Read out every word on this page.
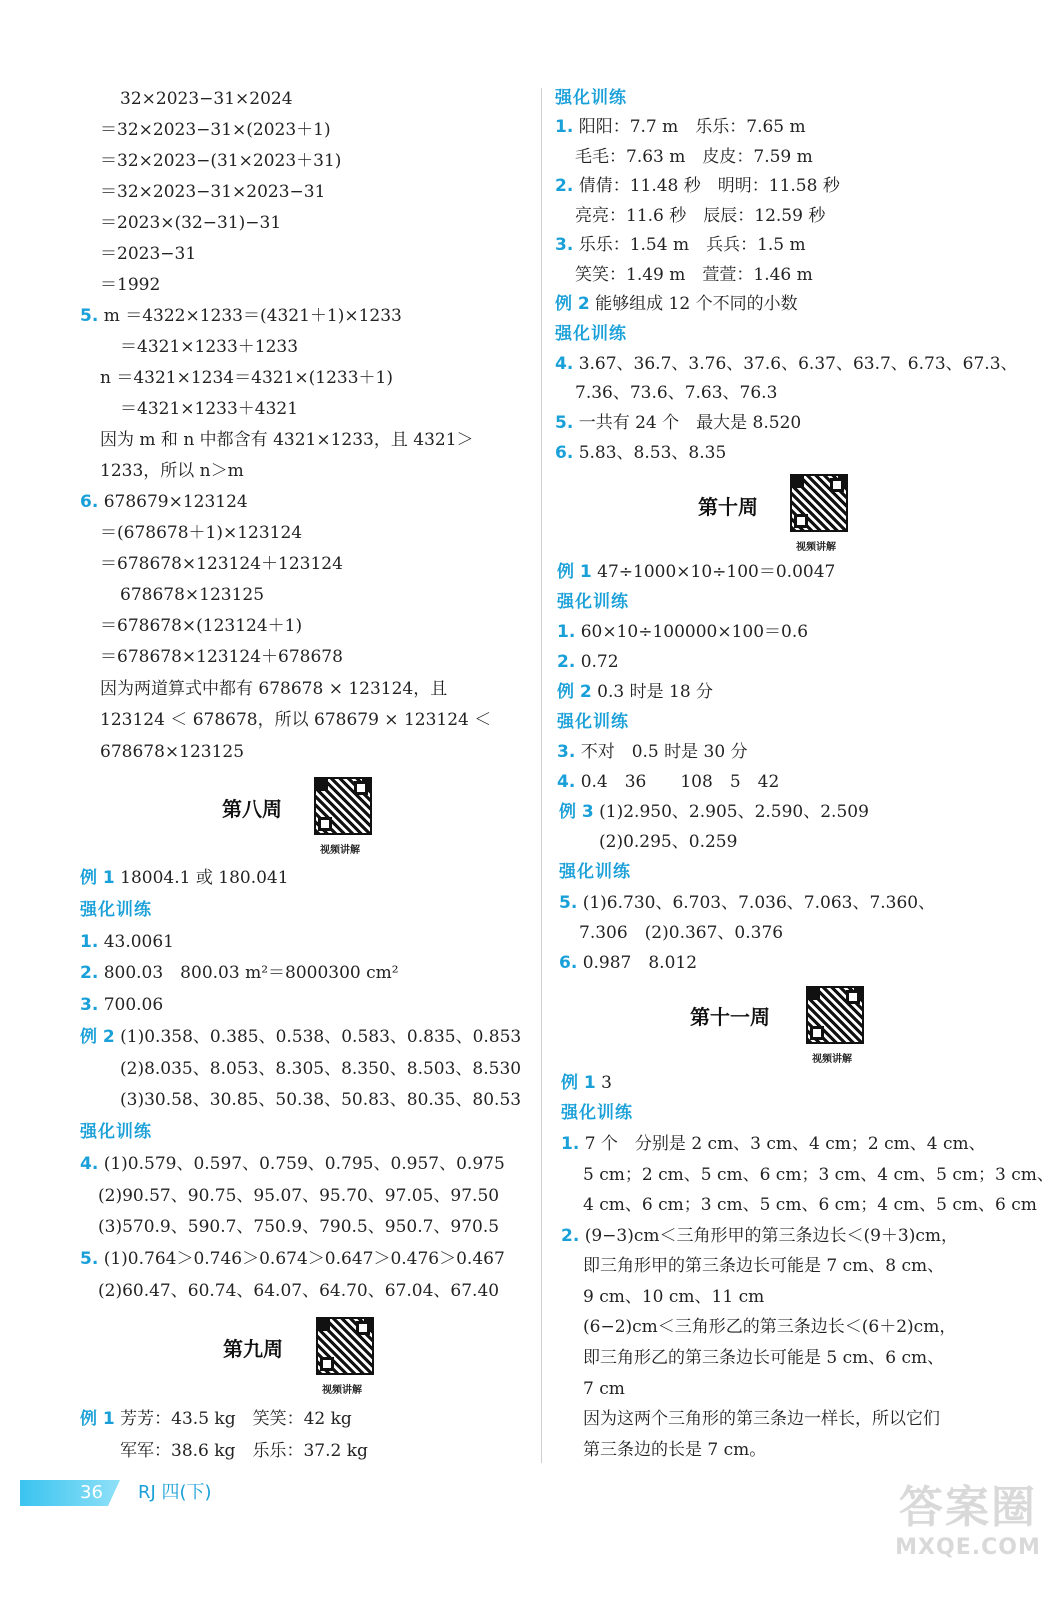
32×2023−31×2024
＝32×2023−31×(2023＋1)
＝32×2023−(31×2023＋31)
＝32×2023−31×2023−31
＝2023×(32−31)−31
＝2023−31
＝1992
5. m ＝4322×1233＝(4321＋1)×1233
＝4321×1233＋1233
n ＝4321×1234＝4321×(1233＋1)
＝4321×1233＋4321
因为 m 和 n 中都含有 4321×1233，且 4321＞
1233，所以 n＞m
6. 678679×123124
＝(678678＋1)×123124
＝678678×123124＋123124
678678×123125
＝678678×(123124＋1)
＝678678×123124＋678678
因为两道算式中都有 678678 × 123124，且
123124 ＜ 678678，所以 678679 × 123124 ＜
678678×123125
例 1 18004.1 或 180.041
强化训练
1. 43.0061
2. 800.03　800.03 m²＝8000300 cm²
3. 700.06
例 2 (1)0.358、0.385、0.538、0.583、0.835、0.853
(2)8.035、8.053、8.305、8.350、8.503、8.530
(3)30.58、30.85、50.38、50.83、80.35、80.53
强化训练
4. (1)0.579、0.597、0.759、0.795、0.957、0.975
(2)90.57、90.75、95.07、95.70、97.05、97.50
(3)570.9、590.7、750.9、790.5、950.7、970.5
5. (1)0.764＞0.746＞0.674＞0.647＞0.476＞0.467
(2)60.47、60.74、64.07、64.70、67.04、67.40
例 1 芳芳：43.5 kg　笑笑：42 kg
军军：38.6 kg　乐乐：37.2 kg
强化训练
1. 阳阳：7.7 m　乐乐：7.65 m
毛毛：7.63 m　皮皮：7.59 m
2. 倩倩：11.48 秒　明明：11.58 秒
亮亮：11.6 秒　辰辰：12.59 秒
3. 乐乐：1.54 m　兵兵：1.5 m
笑笑：1.49 m　萱萱：1.46 m
例 2 能够组成 12 个不同的小数
强化训练
4. 3.67、36.7、3.76、37.6、6.37、63.7、6.73、67.3、
7.36、73.6、7.63、76.3
5. 一共有 24 个　最大是 8.520
6. 5.83、8.53、8.35
例 1 47÷1000×10÷100＝0.0047
强化训练
1. 60×10÷100000×100＝0.6
2. 0.72
例 2 0.3 时是 18 分
强化训练
3. 不对　0.5 时是 30 分
4. 0.4　36　　108　5　42
例 3 (1)2.950、2.905、2.590、2.509
(2)0.295、0.259
强化训练
5. (1)6.730、6.703、7.036、7.063、7.360、
7.306　(2)0.367、0.376
6. 0.987　8.012
例 1 3
强化训练
1. 7 个　分别是 2 cm、3 cm、4 cm；2 cm、4 cm、
5 cm；2 cm、5 cm、6 cm；3 cm、4 cm、5 cm；3 cm、
4 cm、6 cm；3 cm、5 cm、6 cm；4 cm、5 cm、6 cm
2. (9−3)cm＜三角形甲的第三条边长＜(9＋3)cm，
即三角形甲的第三条边长可能是 7 cm、8 cm、
9 cm、10 cm、11 cm
(6−2)cm＜三角形乙的第三条边长＜(6＋2)cm，
即三角形乙的第三条边长可能是 5 cm、6 cm、
7 cm
因为这两个三角形的第三条边一样长，所以它们
第三条边的长是 7 cm。
第八周
视频讲解
第九周
视频讲解
第十周
视频讲解
第十一周
视频讲解
36 RJ 四(下)	答案圈
MXQE.COM
